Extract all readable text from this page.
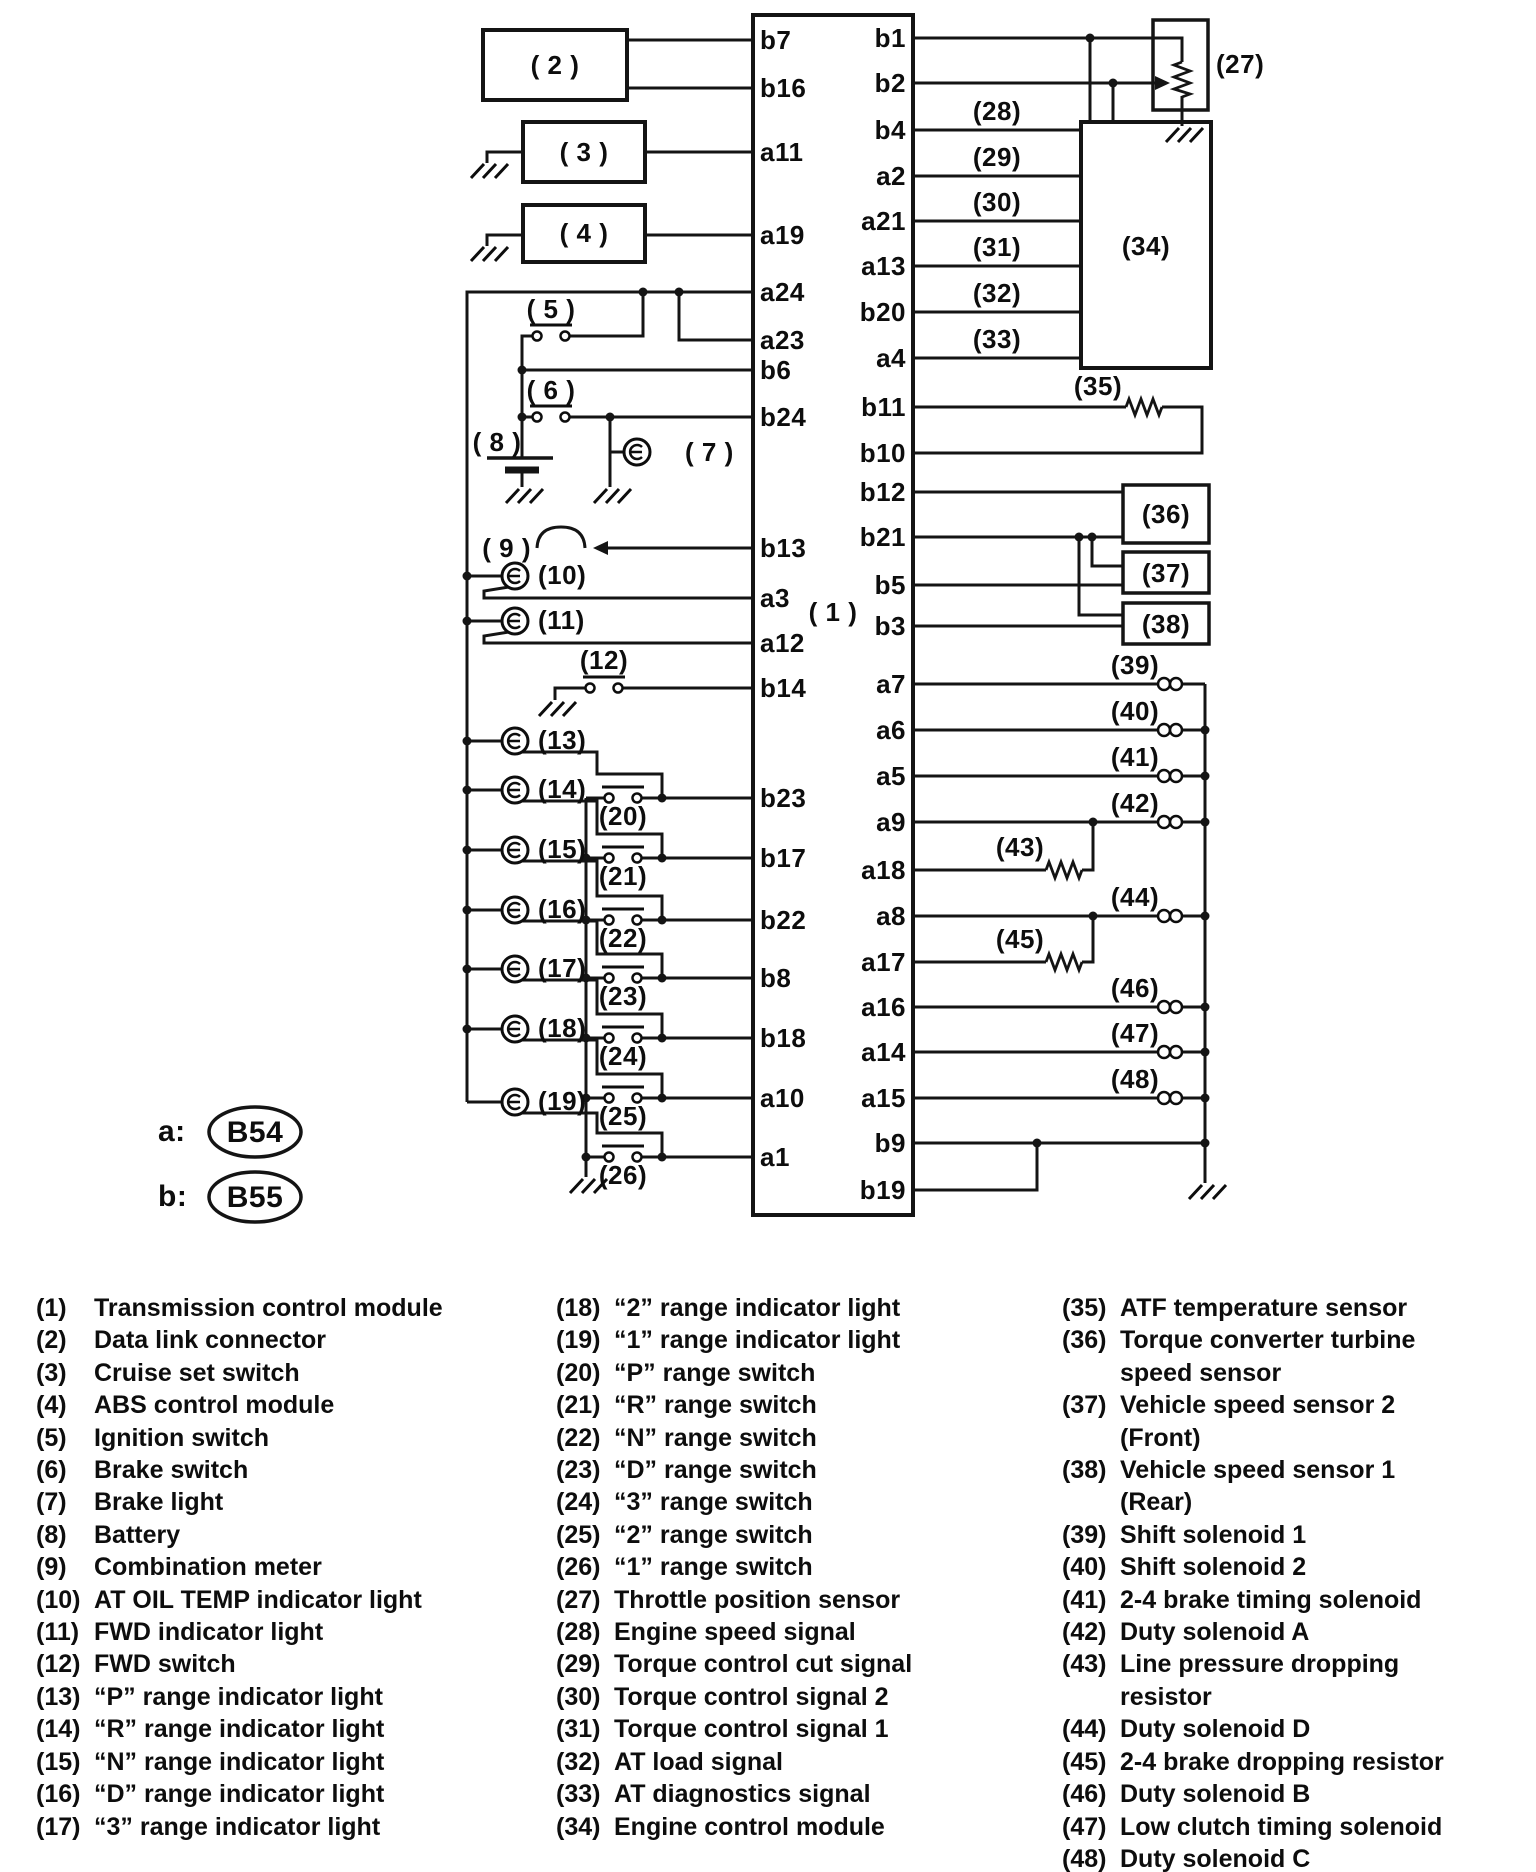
b7
b16
a11
a19
a24
a23
b6
b24
b13
a3
a12
b14
b23
b17
b22
b8
b18
a10
a1
b1
b2
b4
a2
a21
a13
b20
a4
b11
b10
b12
b21
b5
b3
a7
a6
a5
a9
a18
a8
a17
a16
a14
a15
b9
b19
( 1 )
( 2 )
( 3 )
( 4 )
( 5 )
( 6 )
( 7 )
( 8 )
( 9 )
(10)
(11)
(12)
(13)
(14)
(15)
(16)
(17)
(18)
(19)
(20)
(21)
(22)
(23)
(24)
(25)
(26)
(27)
(28)
(29)
(30)
(31)
(32)
(33)
(34)
(35)
(36)
(37)
(38)
(39)
(40)
(41)
(42)
(43)
(44)
(45)
(46)
(47)
(48)
a: B54
b: B55
(1)	Transmission control module
(2)	Data link connector
(3)	Cruise set switch
(4)	ABS control module
(5)	Ignition switch
(6)	Brake switch
(7)	Brake light
(8)	Battery
(9)	Combination meter
(10) AT OIL TEMP indicator light
(11) FWD indicator light
(12) FWD switch
(13) “P” range indicator light
(14) “R” range indicator light
(15) “N” range indicator light
(16) “D” range indicator light
(17) “3” range indicator light
(18) “2” range indicator light
(19) “1” range indicator light
(20) “P” range switch
(21) “R” range switch
(22) “N” range switch
(23) “D” range switch
(24) “3” range switch
(25) “2” range switch
(26) “1” range switch
(27) Throttle position sensor
(28) Engine speed signal
(29) Torque control cut signal
(30) Torque control signal 2
(31) Torque control signal 1
(32) AT load signal
(33) AT diagnostics signal
(34) Engine control module
(35) ATF temperature sensor
(36) Torque converter turbine speed sensor
(37) Vehicle speed sensor 2 (Front)
(38) Vehicle speed sensor 1 (Rear)
(39) Shift solenoid 1
(40) Shift solenoid 2
(41) 2-4 brake timing solenoid
(42) Duty solenoid A
(43) Line pressure dropping resistor
(44) Duty solenoid D
(45) 2-4 brake dropping resistor
(46) Duty solenoid B
(47) Low clutch timing solenoid
(48) Duty solenoid C
